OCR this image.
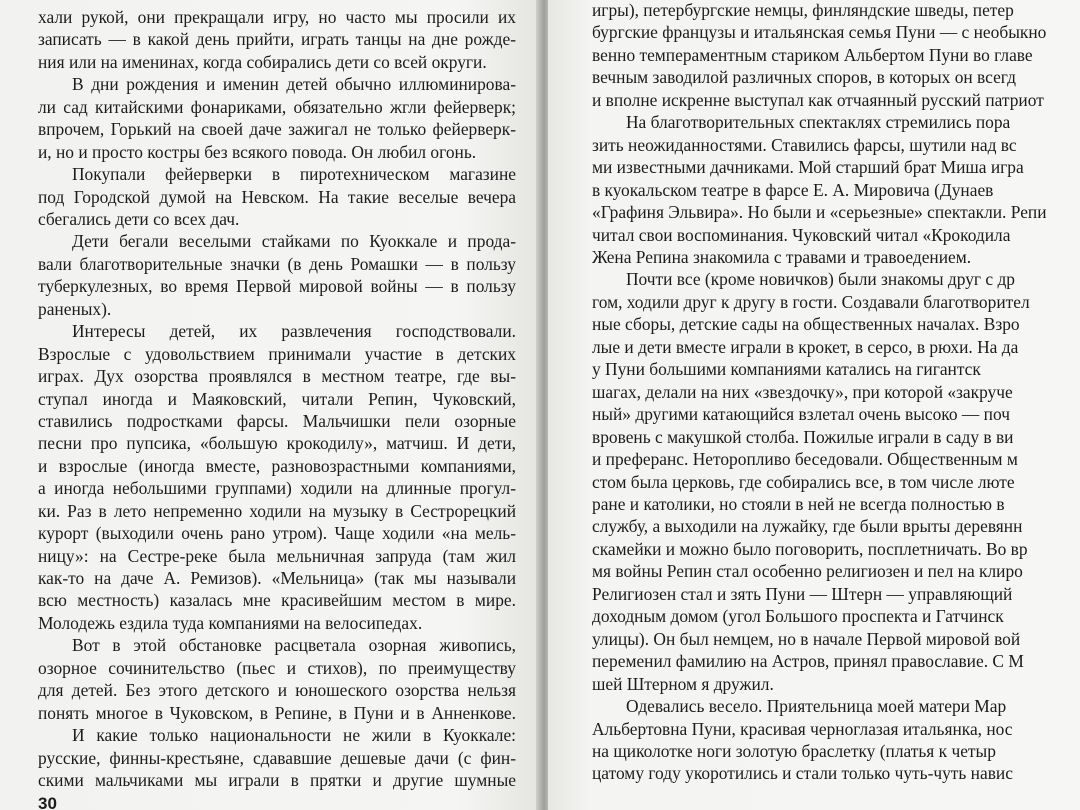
хали рукой, они прекращали игру, но часто мы просили их
записать — в какой день прийти, играть танцы на дне рожде-
ния или на именинах, когда собирались дети со всей округи.
В дни рождения и именин детей обычно иллюминирова-
ли сад китайскими фонариками, обязательно жгли фейерверк;
впрочем, Горький на своей даче зажигал не только фейерверк-
и, но и просто костры без всякого повода. Он любил огонь.
Покупали фейерверки в пиротехническом магазине
под Городской думой на Невском. На такие веселые вечера
сбегались дети со всех дач.
Дети бегали веселыми стайками по Куоккале и прода-
вали благотворительные значки (в день Ромашки — в пользу
туберкулезных, во время Первой мировой войны — в пользу
раненых).
Интересы детей, их развлечения господствовали.
Взрослые с удовольствием принимали участие в детских
играх. Дух озорства проявлялся в местном театре, где вы-
ступал иногда и Маяковский, читали Репин, Чуковский,
ставились подростками фарсы. Мальчишки пели озорные
песни про пупсика, «большую крокодилу», матчиш. И дети,
и взрослые (иногда вместе, разновозрастными компаниями,
а иногда небольшими группами) ходили на длинные прогул-
ки. Раз в лето непременно ходили на музыку в Сестрорецкий
курорт (выходили очень рано утром). Чаще ходили «на мель-
ницу»: на Сестре-реке была мельничная запруда (там жил
как-то на даче А. Ремизов). «Мельница» (так мы называли
всю местность) казалась мне красивейшим местом в мире.
Молодежь ездила туда компаниями на велосипедах.
Вот в этой обстановке расцветала озорная живопись,
озорное сочинительство (пьес и стихов), по преимуществу
для детей. Без этого детского и юношеского озорства нельзя
понять многое в Чуковском, в Репине, в Пуни и в Анненкове.
И какие только национальности не жили в Куоккале:
русские, финны-крестьяне, сдававшие дешевые дачи (с фин-
скими мальчиками мы играли в прятки и другие шумные
30
игры), петербургские немцы, финляндские шведы, петер
бургские французы и итальянская семья Пуни — с необыкно
венно темпераментным стариком Альбертом Пуни во главе
вечным заводилой различных споров, в которых он всегд
и вполне искренне выступал как отчаянный русский патриот
На благотворительных спектаклях стремились пора
зить неожиданностями. Ставились фарсы, шутили над вс
ми известными дачниками. Мой старший брат Миша игра
в куокальском театре в фарсе Е. А. Мировича (Дунаев
«Графиня Эльвира». Но были и «серьезные» спектакли. Репи
читал свои воспоминания. Чуковский читал «Крокодила
Жена Репина знакомила с травами и травоедением.
Почти все (кроме новичков) были знакомы друг с др
гом, ходили друг к другу в гости. Создавали благотворител
ные сборы, детские сады на общественных началах. Взро
лые и дети вместе играли в крокет, в серсо, в рюхи. На да
у Пуни большими компаниями катались на гигантск
шагах, делали на них «звездочку», при которой «закруче
ный» другими катающийся взлетал очень высоко — поч
вровень с макушкой столба. Пожилые играли в саду в ви
и преферанс. Неторопливо беседовали. Общественным м
стом была церковь, где собирались все, в том числе люте
ране и католики, но стояли в ней не всегда полностью в
службу, а выходили на лужайку, где были врыты деревянн
скамейки и можно было поговорить, посплетничать. Во вр
мя войны Репин стал особенно религиозен и пел на клиро
Религиозен стал и зять Пуни — Штерн — управляющий
доходным домом (угол Большого проспекта и Гатчинск
улицы). Он был немцем, но в начале Первой мировой вой
переменил фамилию на Астров, принял православие. С М
шей Штерном я дружил.
Одевались весело. Приятельница моей матери Мар
Альбертовна Пуни, красивая черноглазая итальянка, нос
на щиколотке ноги золотую браслетку (платья к четыр
цатому году укоротились и стали только чуть-чуть навис
